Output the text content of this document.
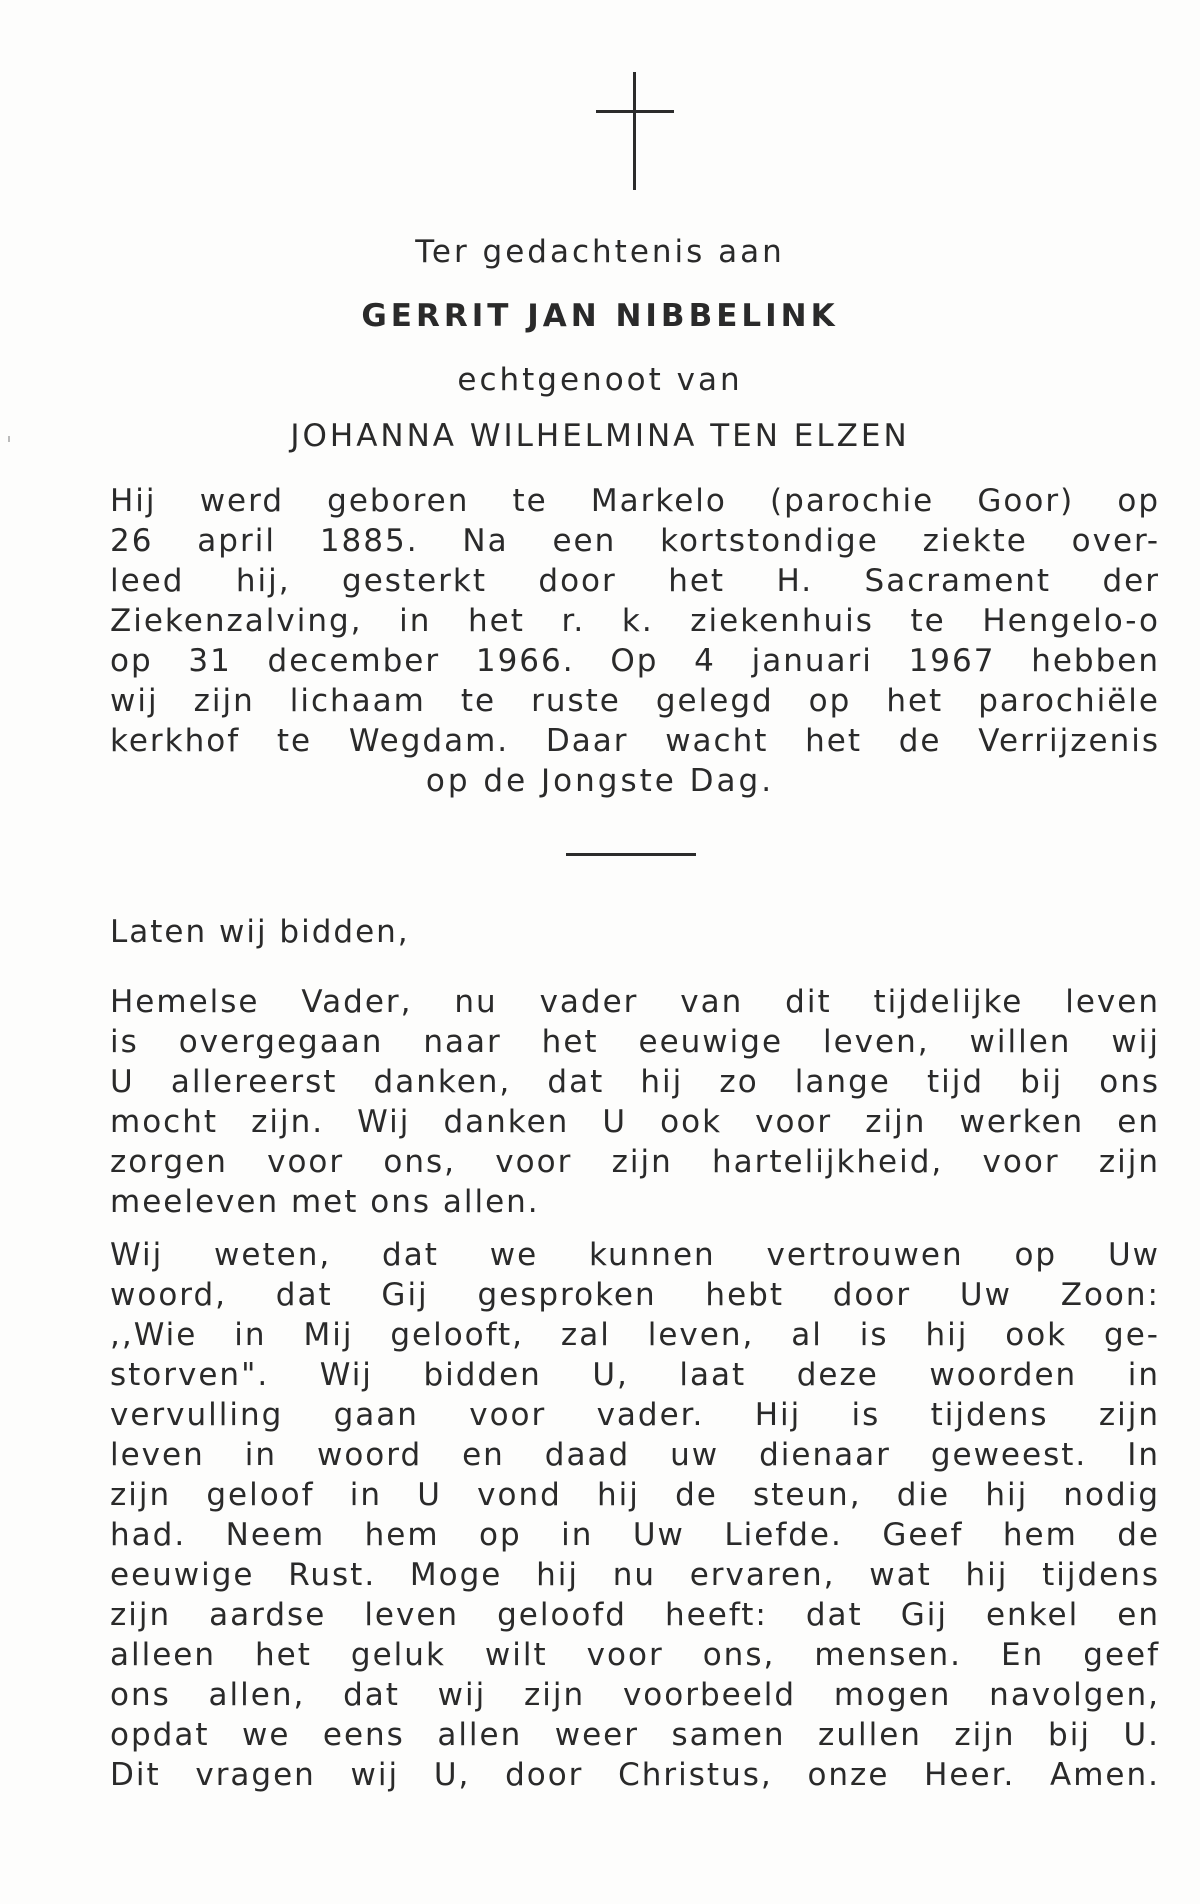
Ter gedachtenis aan
GERRIT JAN NIBBELINK
echtgenoot van
JOHANNA WILHELMINA TEN ELZEN
Hij werd geboren te Markelo (parochie Goor) op
26 april 1885. Na een kortstondige ziekte over-
leed hij, gesterkt door het H. Sacrament der
Ziekenzalving, in het r. k. ziekenhuis te Hengelo-o
op 31 december 1966. Op 4 januari 1967 hebben
wij zijn lichaam te ruste gelegd op het parochiële
kerkhof te Wegdam. Daar wacht het de Verrijzenis
op de Jongste Dag.
Laten wij bidden,
Hemelse Vader, nu vader van dit tijdelijke leven
is overgegaan naar het eeuwige leven, willen wij
U allereerst danken, dat hij zo lange tijd bij ons
mocht zijn. Wij danken U ook voor zijn werken en
zorgen voor ons, voor zijn hartelijkheid, voor zijn
meeleven met ons allen.
Wij weten, dat we kunnen vertrouwen op Uw
woord, dat Gij gesproken hebt door Uw Zoon:
,,Wie in Mij gelooft, zal leven, al is hij ook ge-
storven". Wij bidden U, laat deze woorden in
vervulling gaan voor vader. Hij is tijdens zijn
leven in woord en daad uw dienaar geweest. In
zijn geloof in U vond hij de steun, die hij nodig
had. Neem hem op in Uw Liefde. Geef hem de
eeuwige Rust. Moge hij nu ervaren, wat hij tijdens
zijn aardse leven geloofd heeft: dat Gij enkel en
alleen het geluk wilt voor ons, mensen. En geef
ons allen, dat wij zijn voorbeeld mogen navolgen,
opdat we eens allen weer samen zullen zijn bij U.
Dit vragen wij U, door Christus, onze Heer. Amen.
